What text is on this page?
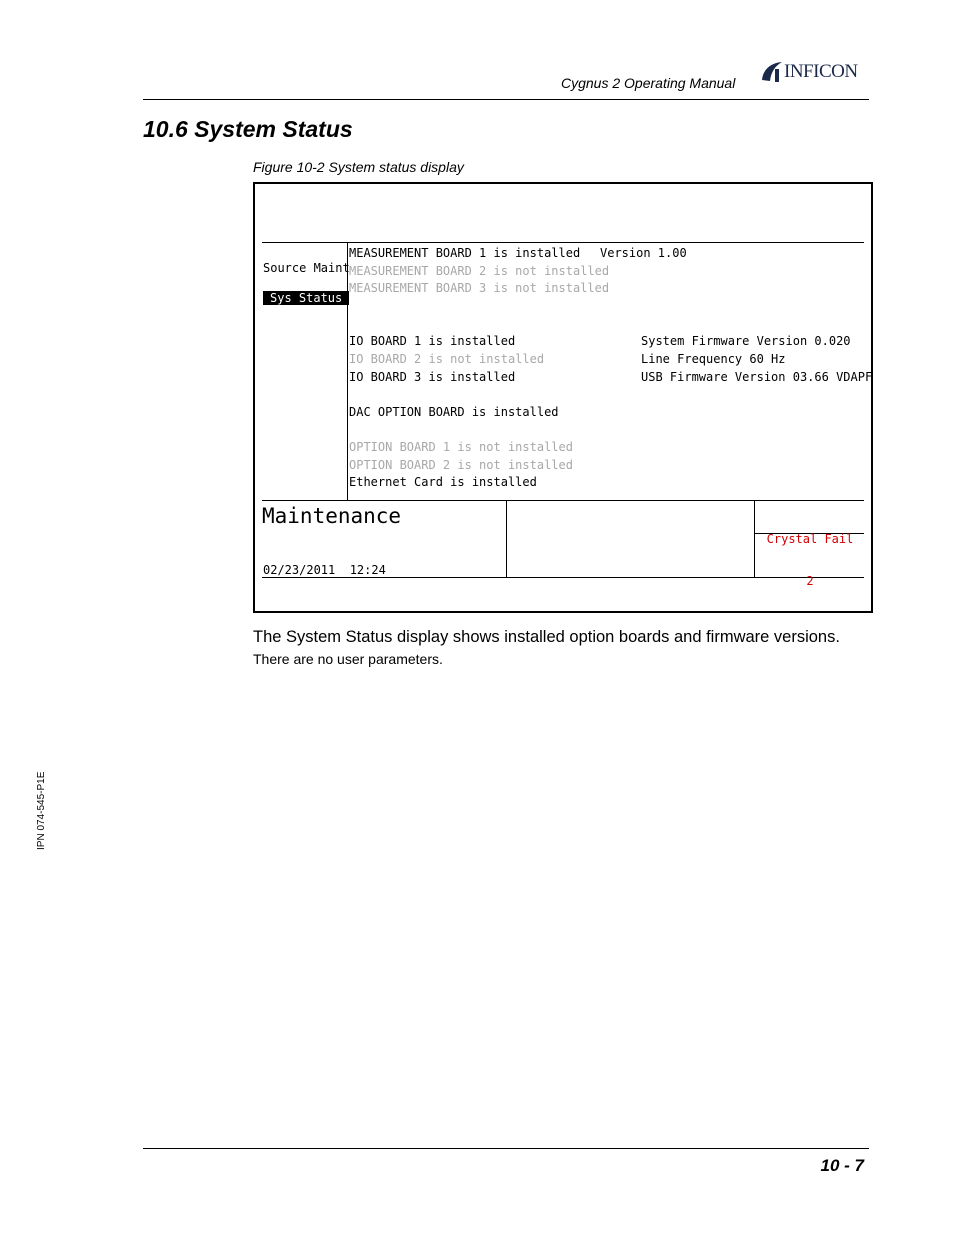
Cygnus 2 Operating Manual
INFICON
10.6 System Status
Figure 10-2 System status display
Source Maint
Sys Status
MEASUREMENT BOARD 1 is installed Version 1.00
MEASUREMENT BOARD 2 is not installed
MEASUREMENT BOARD 3 is not installed
IO BOARD 1 is installed
IO BOARD 2 is not installed
IO BOARD 3 is installed
DAC OPTION BOARD is installed
OPTION BOARD 1 is not installed
OPTION BOARD 2 is not installed
Ethernet Card is installed
System Firmware Version 0.020
Line Frequency 60 Hz
USB Firmware Version 03.66 VDAPF
Maintenance
02/23/2011  12:24

Crystal Fail

2

The System Status display shows installed option boards and firmware versions.
There are no user parameters.
IPN 074-545-P1E
10 - 7
